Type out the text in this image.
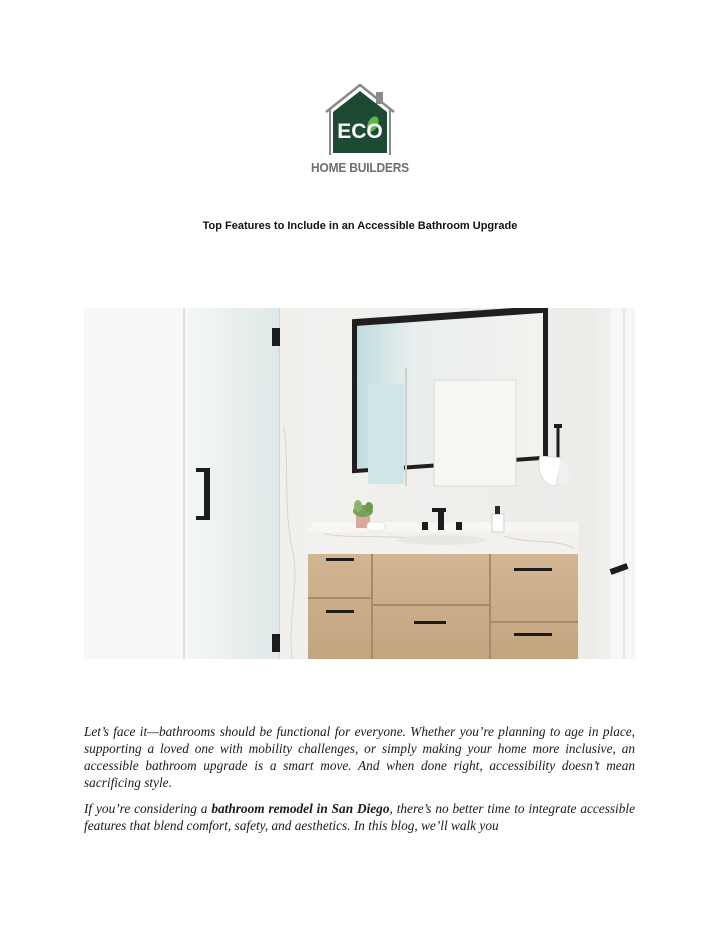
ECO
HOME BUILDERS
Top Features to Include in an Accessible Bathroom Upgrade

Let’s face it—bathrooms should be functional for everyone. Whether you’re planning to age in place, supporting a loved one with mobility challenges, or simply making your home more inclusive, an accessible bathroom upgrade is a smart move. And when done right, accessibility doesn’t mean sacrificing style.

If you’re considering a bathroom remodel in San Diego, there’s no better time to integrate accessible features that blend comfort, safety, and aesthetics. In this blog, we’ll walk you
